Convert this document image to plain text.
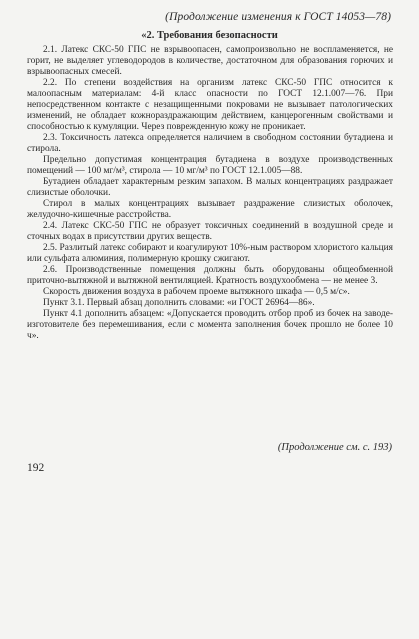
(Продолжение изменения к ГОСТ 14053—78)
«2. Требования безопасности

2.1. Латекс СКС-50 ГПС не взрывоопасен, самопроизвольно не воспламеняется, не горит, не выделяет углеводородов в количестве, достаточном для образования горючих и взрывоопасных смесей.

2.2. По степени воздействия на организм латекс СКС-50 ГПС относится к малоопасным материалам: 4-й класс опасности по ГОСТ 12.1.007—76. При непосредственном контакте с незащищенными покровами не вызывает патологических изменений, не обладает кожнораздражающим действием, канцерогенным свойствами и способностью к кумуляции. Через поврежденную кожу не проникает.

2.3. Токсичность латекса определяется наличием в свободном состоянии бутадиена и стирола.

Предельно допустимая концентрация бутадиена в воздухе производственных помещений — 100 мг/м³, стирола — 10 мг/м³ по ГОСТ 12.1.005—88.

Бутадиен обладает характерным резким запахом. В малых концентрациях раздражает слизистые оболочки.

Стирол в малых концентрациях вызывает раздражение слизистых оболочек, желудочно-кишечные расстройства.

2.4. Латекс СКС-50 ГПС не образует токсичных соединений в воздушной среде и сточных водах в присутствии других веществ.

2.5. Разлитый латекс собирают и коагулируют 10%-ным раствором хлористого кальция или сульфата алюминия, полимерную крошку сжигают.

2.6. Производственные помещения должны быть оборудованы общеобменной приточно-вытяжной и вытяжной вентиляцией. Кратность воздухообмена — не менее 3.

Скорость движения воздуха в рабочем проеме вытяжного шкафа — 0,5 м/с».

Пункт 3.1. Первый абзац дополнить словами: «и ГОСТ 26964—86».

Пункт 4.1 дополнить абзацем: «Допускается проводить отбор проб из бочек на заводе-изготовителе без перемешивания, если с момента заполнения бочек прошло не более 10 ч».

(Продолжение см. с. 193)
192
